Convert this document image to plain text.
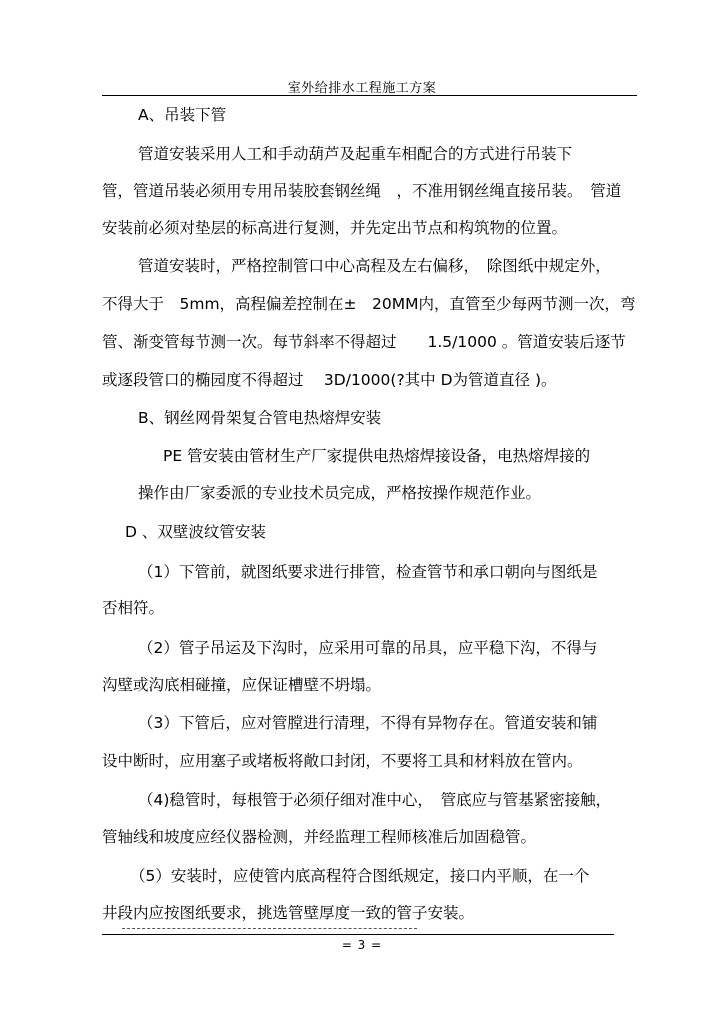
室外给排水工程施工方案
A、吊装下管
管道安装采用人工和手动葫芦及起重车相配合的方式进行吊装下
管，管道吊装必须用专用吊装胶套钢丝绳　，不准用钢丝绳直接吊装。　管道
安装前必须对垫层的标高进行复测，并先定出节点和构筑物的位置。
管道安装时，严格控制管口中心高程及左右偏移，　除图纸中规定外，
不得大于　5mm，高程偏差控制在±　20MM内，直管至少每两节测一次，弯
管、渐变管每节测一次。每节斜率不得超过　　1.5/1000 。管道安装后逐节
或逐段管口的椭园度不得超过　 3D/1000(?其中 D为管道直径 )。
B、钢丝网骨架复合管电热熔焊安装
PE 管安装由管材生产厂家提供电热熔焊接设备，电热熔焊接的
操作由厂家委派的专业技术员完成，严格按操作规范作业。
D 、双壁波纹管安装
（1）下管前，就图纸要求进行排管，检查管节和承口朝向与图纸是
否相符。
（2）管子吊运及下沟时，应采用可靠的吊具，应平稳下沟，不得与
沟壁或沟底相碰撞，应保证槽壁不坍塌。
（3）下管后，应对管膛进行清理，不得有异物存在。管道安装和铺
设中断时，应用塞子或堵板将敞口封闭，不要将工具和材料放在管内。
（4)稳管时，每根管于必须仔细对准中心，　管底应与管基紧密接触，
管轴线和坡度应经仪器检测，并经监理工程师核准后加固稳管。
（5）安装时，应使管内底高程符合图纸规定，接口内平顺，在一个
井段内应按图纸要求，挑选管壁厚度一致的管子安装。
= 3 =
